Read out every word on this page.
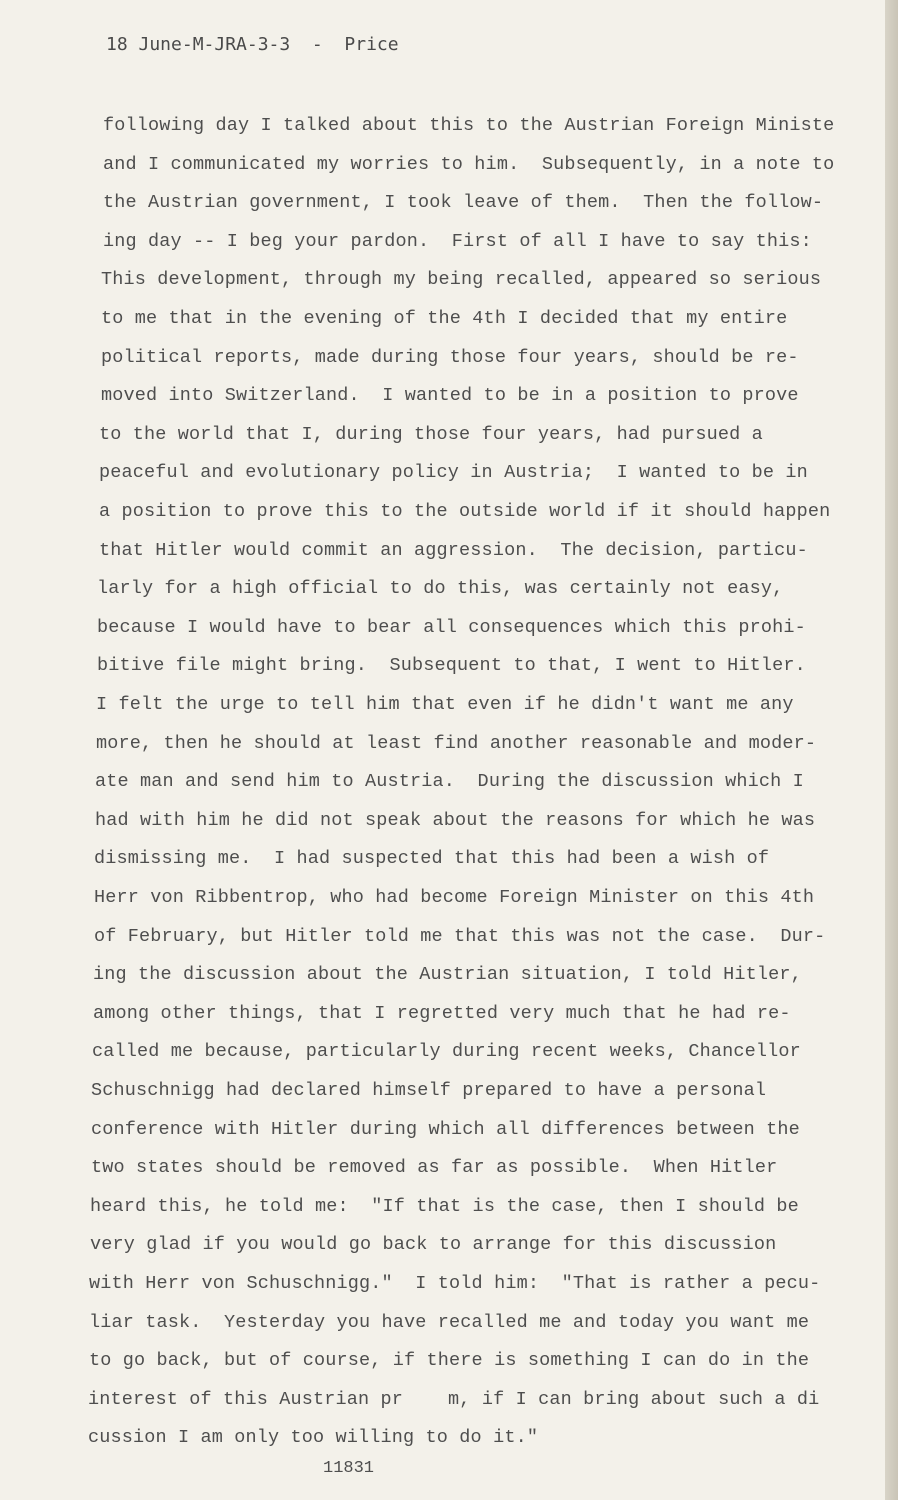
18 June-M-JRA-3-3  -  Price
following day I talked about this to the Austrian Foreign Ministe
and I communicated my worries to him.  Subsequently, in a note to
the Austrian government, I took leave of them.  Then the follow-
ing day -- I beg your pardon.  First of all I have to say this:
This development, through my being recalled, appeared so serious
to me that in the evening of the 4th I decided that my entire
political reports, made during those four years, should be re-
moved into Switzerland.  I wanted to be in a position to prove
to the world that I, during those four years, had pursued a
peaceful and evolutionary policy in Austria;  I wanted to be in
a position to prove this to the outside world if it should happen
that Hitler would commit an aggression.  The decision, particu-
larly for a high official to do this, was certainly not easy,
because I would have to bear all consequences which this prohi-
bitive file might bring.  Subsequent to that, I went to Hitler.
I felt the urge to tell him that even if he didn't want me any
more, then he should at least find another reasonable and moder-
ate man and send him to Austria.  During the discussion which I
had with him he did not speak about the reasons for which he was
dismissing me.  I had suspected that this had been a wish of
Herr von Ribbentrop, who had become Foreign Minister on this 4th
of February, but Hitler told me that this was not the case.  Dur-
ing the discussion about the Austrian situation, I told Hitler,
among other things, that I regretted very much that he had re-
called me because, particularly during recent weeks, Chancellor
Schuschnigg had declared himself prepared to have a personal
conference with Hitler during which all differences between the
two states should be removed as far as possible.  When Hitler
heard this, he told me:  "If that is the case, then I should be
very glad if you would go back to arrange for this discussion
with Herr von Schuschnigg."  I told him:  "That is rather a pecu-
liar task.  Yesterday you have recalled me and today you want me
to go back, but of course, if there is something I can do in the
interest of this Austrian pr    m, if I can bring about such a di
cussion I am only too willing to do it."
11831
